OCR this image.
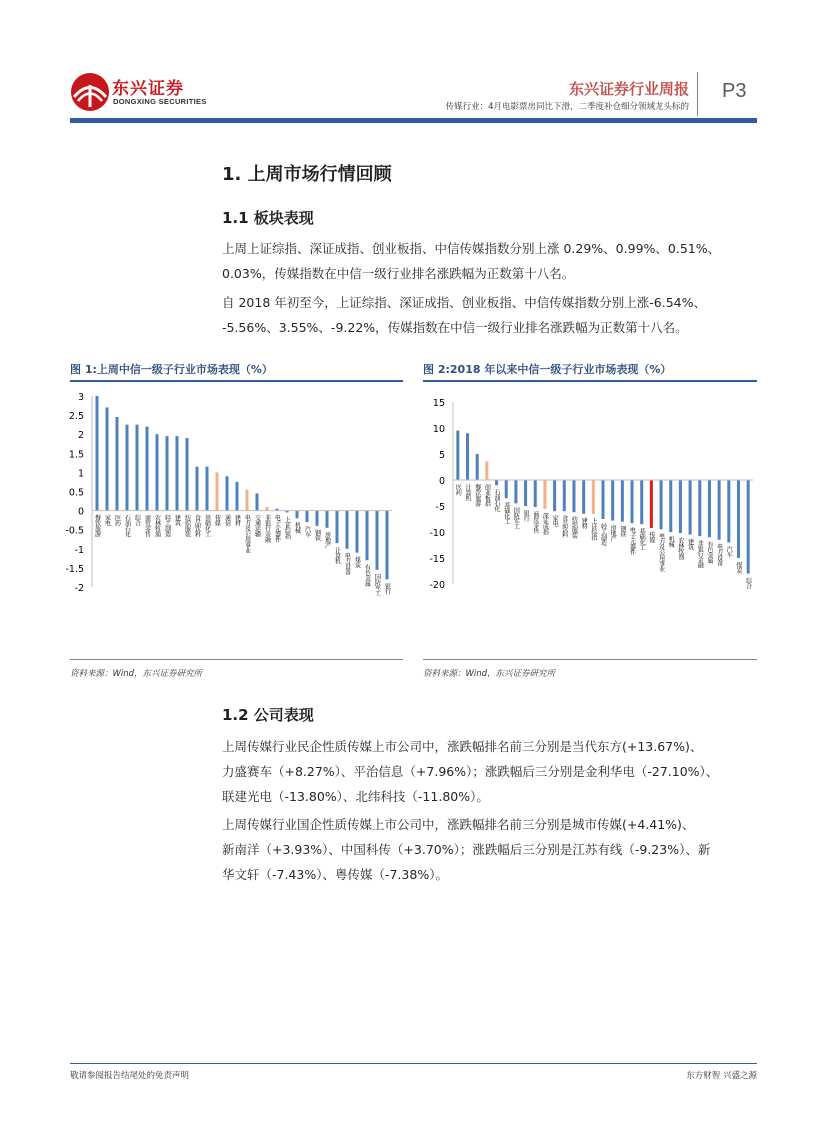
东兴证券
DONGXING SECURITIES
东兴证券行业周报
传媒行业：4月电影票房同比下滑，二季度补仓细分领域龙头标的
P3
1. 上周市场行情回顾
1.1 板块表现
上周上证综指、深证成指、创业板指、中信传媒指数分别上涨 0.29%、0.99%、0.51%、
0.03%，传媒指数在中信一级行业排名涨跌幅为正数第十八名。
自 2018 年初至今，上证综指、深证成指、创业板指、中信传媒指数分别上涨-6.54%、
-5.56%、3.55%、-9.22%，传媒指数在中信一级行业排名涨跌幅为正数第十八名。
图 1:上周中信一级子行业市场表现（%）
3
2.5
2
1.5
1
0.5
0
-0.5
-1
-1.5
-2
餐饮旅游 家电 医药 石油石化 综合 商贸零售 农林牧渔 轻工制造 建筑 纺织服装 食品饮料 基础化工 传媒 通信 建材 电力及公用事业 交通运输 非银行金融 电子元器件 上证综指 机械 汽车 钢铁 房地产
计算机 电力设备 煤炭
有色金属 国防军工 银行
资料来源：Wind，东兴证券研究所
图 2:2018 年以来中信一级子行业市场表现（%）
15
10
5
0
-5
-10
-15
-20
医药 计算机 餐饮旅游 创业板指 石油石化
基础化工 国防军工 银行 商贸零售 深证成指 家电 食品饮料 纺织服装 建材 上证综指 轻工制造 房地产 钢铁 电子元器件 基础化工 传媒 电力及公用事业 机械 农林牧渔 建筑 非银行金融 有色金属 电力设备 汽车
煤炭
综合
资料来源：Wind，东兴证券研究所
1.2 公司表现
上周传媒行业民企性质传媒上市公司中，涨跌幅排名前三分别是当代东方(+13.67%)、
力盛赛车（+8.27%）、平治信息（+7.96%）；涨跌幅后三分别是金利华电（-27.10%）、
联建光电（-13.80%）、北纬科技（-11.80%）。
上周传媒行业国企性质传媒上市公司中，涨跌幅排名前三分别是城市传媒(+4.41%)、
新南洋（+3.93%）、中国科传（+3.70%）；涨跌幅后三分别是江苏有线（-9.23%）、新
华文轩（-7.43%）、粤传媒（-7.38%）。
敬请参阅报告结尾处的免责声明	东方财智 兴盛之源
